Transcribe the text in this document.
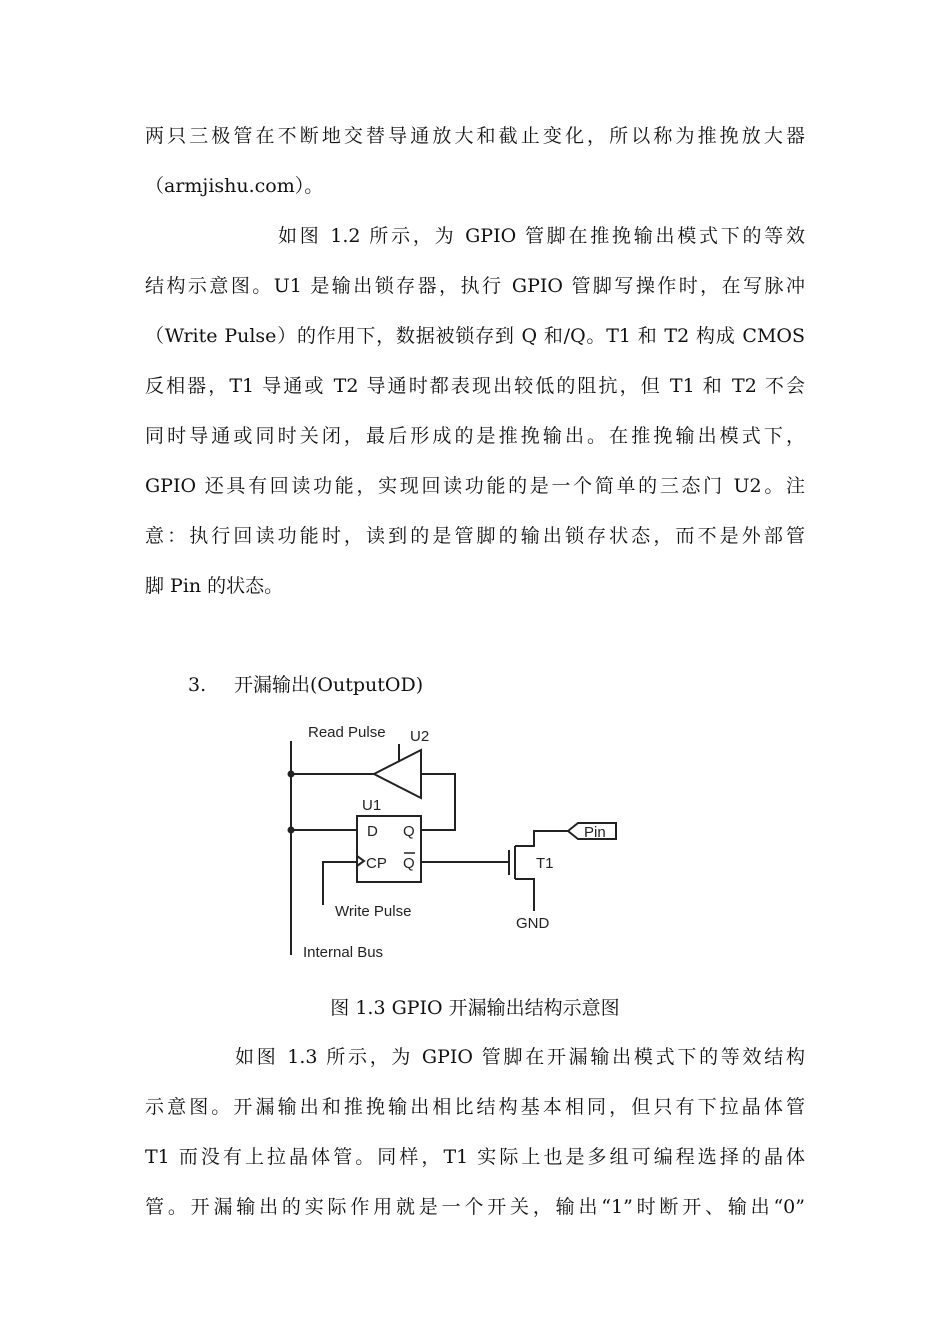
两只三极管在不断地交替导通放大和截止变化，所以称为推挽放大器
（armjishu.com）。
如图 1.2 所示，为 GPIO 管脚在推挽输出模式下的等效
结构示意图。U1 是输出锁存器，执行 GPIO 管脚写操作时，在写脉冲
（Write Pulse）的作用下，数据被锁存到 Q 和/Q。T1 和 T2 构成 CMOS
反相器，T1 导通或 T2 导通时都表现出较低的阻抗，但 T1 和 T2 不会
同时导通或同时关闭，最后形成的是推挽输出。在推挽输出模式下，
GPIO 还具有回读功能，实现回读功能的是一个简单的三态门 U2。注
意：执行回读功能时，读到的是管脚的输出锁存状态，而不是外部管
脚 Pin 的状态。
3. 开漏输出(OutputOD)
Read Pulse U2
U1
D Q
CP Q
Pin
T1
Write Pulse
GND
Internal Bus
图 1.3 GPIO 开漏输出结构示意图
如图 1.3 所示，为 GPIO 管脚在开漏输出模式下的等效结构
示意图。开漏输出和推挽输出相比结构基本相同，但只有下拉晶体管
T1 而没有上拉晶体管。同样，T1 实际上也是多组可编程选择的晶体
管。开漏输出的实际作用就是一个开关，输出“1”时断开、输出“0”
